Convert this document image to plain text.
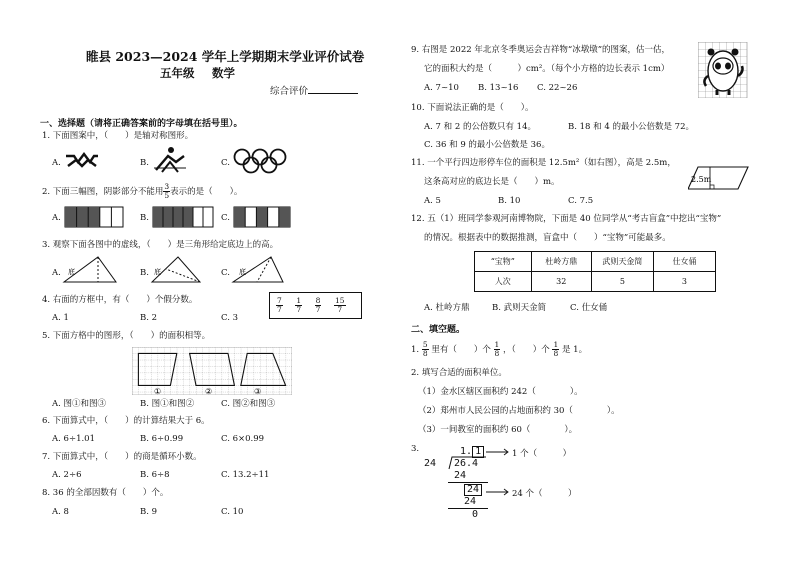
睢县 2023—2024 学年上学期期末学业评价试卷
五年级 数学
综合评价
一、选择题（请将正确答案前的字母填在括号里）。
1. 下面图案中，（　　）是轴对称图形。
A.	B.	C.
2. 下面三幅图，阴影部分不能用 $\frac{3}{5}$ 表示的是（　　）。
A.	B.	C.
3. 观察下面各图中的虚线，（　　）是三角形给定底边上的高。
A. 底	B. 底	C. 底
4. 右面的方框中，有（　　）个假分数。	$\frac{7}{7}$
$\frac{1}{7}$
$\frac{8}{7}$
$\frac{15}{7}$
A. 1	B. 2	C. 3
5. 下面方格中的图形，（　　）的面积相等。
①	②	③
A. 图①和图③	B. 图①和图②	C. 图②和图③
6. 下面算式中，（　　）的计算结果大于 6。
A. 6÷1.01	B. 6÷0.99	C. 6×0.99
7. 下面算式中，（　　）的商是循环小数。
A. 2÷6	B. 6÷8	C. 13.2÷11
8. 36 的全部因数有（　　）个。
A. 8	B. 9	C. 10
9. 右图是 2022 年北京冬季奥运会吉祥物“冰墩墩”的图案，估一估，
它的面积大约是（　　　）cm²。（每个小方格的边长表示 1cm）
A. 7~10 B. 13~16 C. 22~26
10. 下面说法正确的是（　　）。
A. 7 和 2 的公倍数只有 14。	B. 18 和 4 的最小公倍数是 72。
C. 36 和 9 的最小公倍数是 36。
11. 一个平行四边形停车位的面积是 12.5m²（如右图），高是 2.5m，
这条高对应的底边长是（　　）m。
A. 5	B. 10	C. 7.5
2.5m
12. 五（1）班同学参观河南博物院，下面是 40 位同学从“考古盲盒”中挖出“宝物”
的情况。根据表中的数据推测，盲盒中（　　）“宝物”可能最多。
“宝物”	杜岭方鼎	武则天金简	仕女俑
人次	32	5	3
A. 杜岭方鼎	B. 武则天金简	C. 仕女俑
二、填空题。
1. $\frac{5}{8}$ 里有（　　）个 $\frac{1}{8}$ ，（　　）个 $\frac{1}{8}$ 是 1。
2. 填写合适的面积单位。
（1）金水区辖区面积约 242（　　　　）。
（2）郑州市人民公园的占地面积约 30（　　　　）。
（3）一间教室的面积约 60（　　　　）。
3.	1. 1
24 26.4
24
24
24
0
1 个（　　　）
24 个（　　　）
